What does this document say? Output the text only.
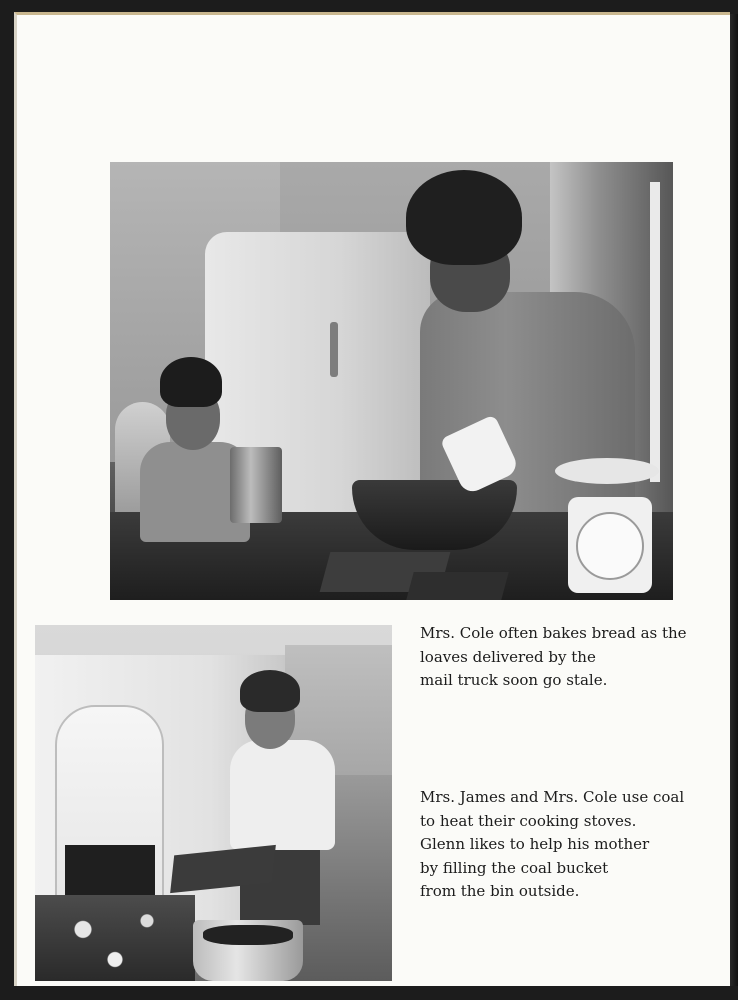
Mrs. Cole often bakes bread as the
loaves delivered by the
mail truck soon go stale.

Mrs. James and Mrs. Cole use coal
to heat their cooking stoves.
Glenn likes to help his mother
by filling the coal bucket
from the bin outside.
